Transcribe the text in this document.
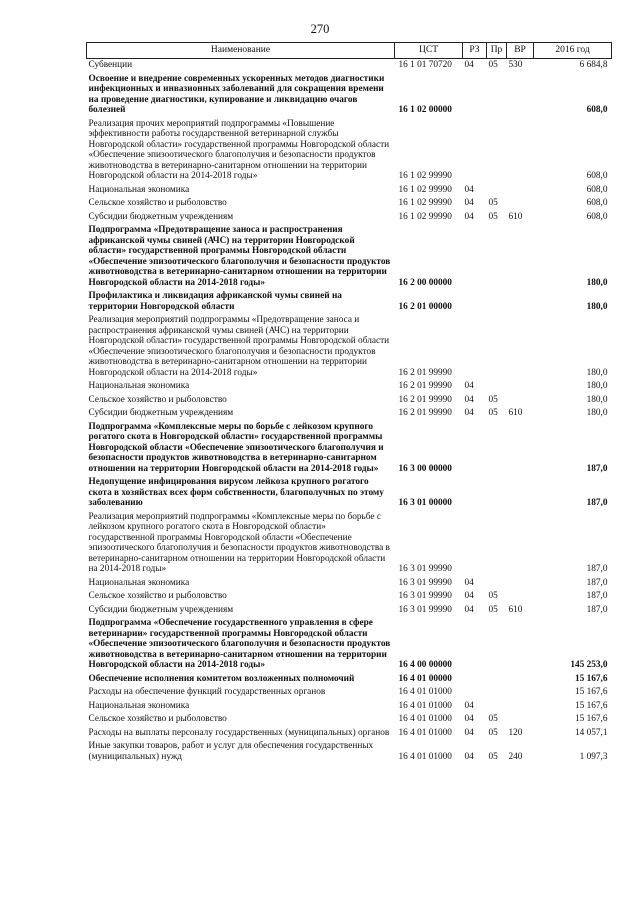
270
Наименование	ЦСТ	РЗ	Пр	ВР	2016 год
Субвенции	16 1 01 70720	04	05	530	6 684,8
Освоение и внедрение современных ускоренных методов диагностики инфекционных и инвазионных заболеваний для сокращения времени на проведение диагностики, купирование и ликвидацию очагов болезней	16 1 02 00000				608,0
Реализация прочих мероприятий подпрограммы «Повышение эффективности работы государственной ветеринарной службы Новгородской области» государственной программы Новгородской области «Обеспечение эпизоотического благополучия и безопасности продуктов животноводства в ветеринарно-санитарном отношении на территории Новгородской области на 2014-2018 годы»	16 1 02 99990				608,0
Национальная экономика	16 1 02 99990	04			608,0
Сельское хозяйство и рыболовство	16 1 02 99990	04	05		608,0
Субсидии бюджетным учреждениям	16 1 02 99990	04	05	610	608,0
Подпрограмма «Предотвращение заноса и распространения африканской чумы свиней (АЧС) на территории Новгородской области» государственной программы Новгородской области «Обеспечение эпизоотического благополучия и безопасности продуктов животноводства в ветеринарно-санитарном отношении на территории Новгородской области на 2014-2018 годы»	16 2 00 00000				180,0
Профилактика и ликвидация африканской чумы свиней на территории Новгородской области	16 2 01 00000				180,0
Реализация мероприятий подпрограммы «Предотвращение заноса и распространения африканской чумы свиней (АЧС) на территории Новгородской области» государственной программы Новгородской области «Обеспечение эпизоотического благополучия и безопасности продуктов животноводства в ветеринарно-санитарном отношении на территории Новгородской области на 2014-2018 годы»	16 2 01 99990				180,0
Национальная экономика	16 2 01 99990	04			180,0
Сельское хозяйство и рыболовство	16 2 01 99990	04	05		180,0
Субсидии бюджетным учреждениям	16 2 01 99990	04	05	610	180,0
Подпрограмма «Комплексные меры по борьбе с лейкозом крупного рогатого скота в Новгородской области» государственной программы Новгородской области «Обеспечение эпизоотического благополучия и безопасности продуктов животноводства в ветеринарно-санитарном отношении на территории Новгородской области на 2014-2018 годы»	16 3 00 00000				187,0
Недопущение инфицирования вирусом лейкоза крупного рогатого скота в хозяйствах всех форм собственности, благополучных по этому заболеванию	16 3 01 00000				187,0
Реализация мероприятий подпрограммы «Комплексные меры по борьбе с лейкозом крупного рогатого скота в Новгородской области» государственной программы Новгородской области «Обеспечение эпизоотического благополучия и безопасности продуктов животноводства в ветеринарно-санитарном отношении на территории Новгородской области на 2014-2018 годы»	16 3 01 99990				187,0
Национальная экономика	16 3 01 99990	04			187,0
Сельское хозяйство и рыболовство	16 3 01 99990	04	05		187,0
Субсидии бюджетным учреждениям	16 3 01 99990	04	05	610	187,0
Подпрограмма «Обеспечение государственного управления в сфере ветеринарии» государственной программы Новгородской области «Обеспечение эпизоотического благополучия и безопасности продуктов животноводства в ветеринарно-санитарном отношении на территории Новгородской области на 2014-2018 годы»	16 4 00 00000				145 253,0
Обеспечение исполнения комитетом возложенных полномочий	16 4 01 00000				15 167,6
Расходы на обеспечение функций государственных органов	16 4 01 01000				15 167,6
Национальная экономика	16 4 01 01000	04			15 167,6
Сельское хозяйство и рыболовство	16 4 01 01000	04	05		15 167,6
Расходы на выплаты персоналу государственных (муниципальных) органов	16 4 01 01000	04	05	120	14 057,1
Иные закупки товаров, работ и услуг для обеспечения государственных (муниципальных) нужд	16 4 01 01000	04	05	240	1 097,3
